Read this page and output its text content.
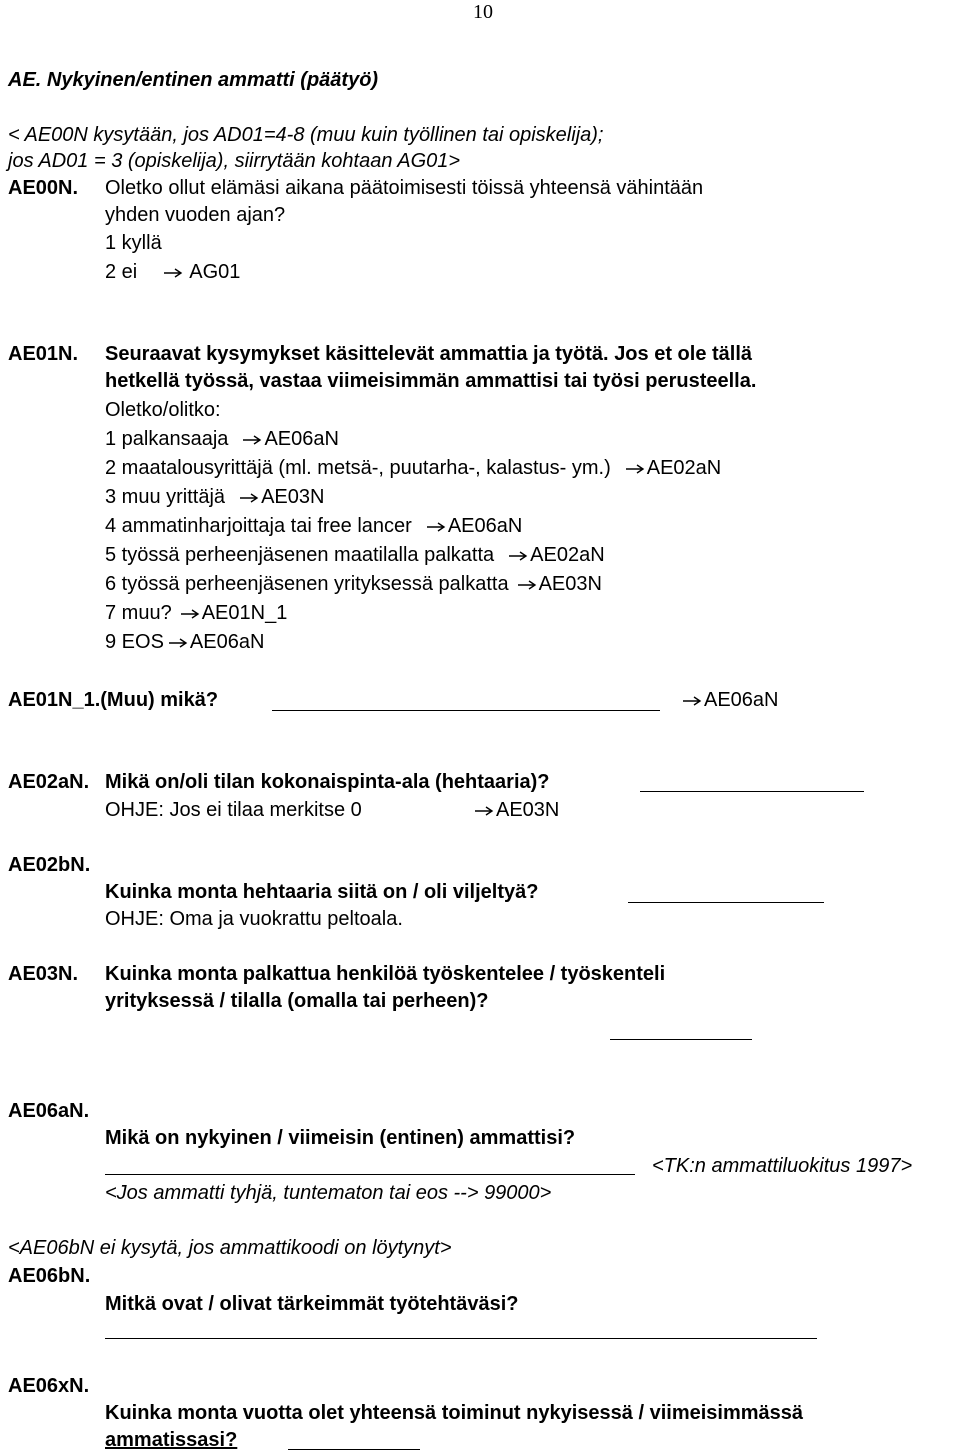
10
AE. Nykyinen/entinen ammatti (päätyö)
< AE00N kysytään, jos AD01=4-8 (muu kuin työllinen tai opiskelija);
jos AD01 = 3 (opiskelija), siirrytään kohtaan AG01>
AE00N. Oletko ollut elämäsi aikana päätoimisesti töissä yhteensä vähintään
yhden vuoden ajan?
1 kyllä
2 ei	AG01
AE01N. Seuraavat kysymykset käsittelevät ammattia ja työtä. Jos et ole tällä
hetkellä työssä, vastaa viimeisimmän ammattisi tai työsi perusteella.
Oletko/olitko:
1 palkansaaja AE06aN
2 maatalousyrittäjä (ml. metsä-, puutarha-, kalastus- ym.) AE02aN
3 muu yrittäjä AE03N
4 ammatinharjoittaja tai free lancer AE06aN
5 työssä perheenjäsenen maatilalla palkatta AE02aN
6 työssä perheenjäsenen yrityksessä palkatta AE03N
7 muu? AE01N_1
9 EOS AE06aN
AE01N_1.(Muu) mikä?	AE06aN
AE02aN. Mikä on/oli tilan kokonaispinta-ala (hehtaaria)?
OHJE: Jos ei tilaa merkitse 0	AE03N
AE02bN.
Kuinka monta hehtaaria siitä on / oli viljeltyä?
OHJE: Oma ja vuokrattu peltoala.
AE03N. Kuinka monta palkattua henkilöä työskentelee / työskenteli
yrityksessä / tilalla (omalla tai perheen)?
AE06aN.
Mikä on nykyinen / viimeisin (entinen) ammattisi?
<TK:n ammattiluokitus 1997>
<Jos ammatti tyhjä, tuntematon tai eos --> 99000>
<AE06bN ei kysytä, jos ammattikoodi on löytynyt>
AE06bN.
Mitkä ovat / olivat tärkeimmät työtehtäväsi?
AE06xN.
Kuinka monta vuotta olet yhteensä toiminut nykyisessä / viimeisimmässä
ammatissasi?
